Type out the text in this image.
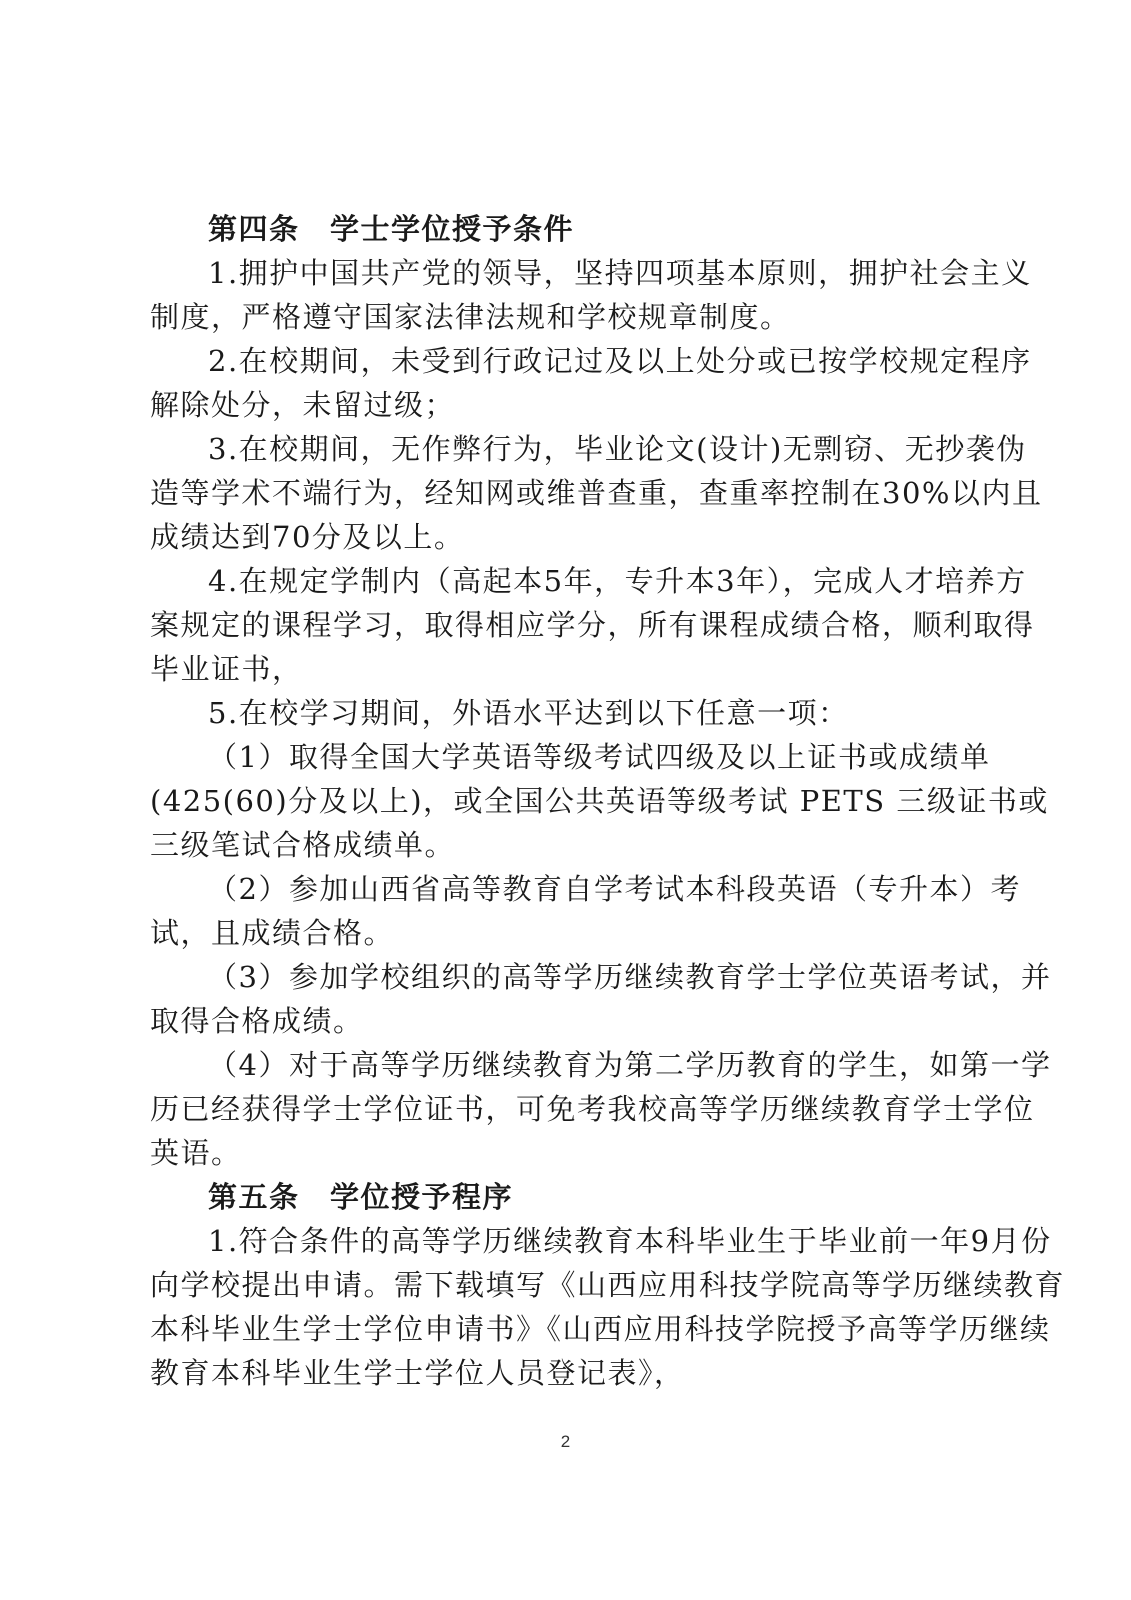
第四条　学士学位授予条件
1.拥护中国共产党的领导，坚持四项基本原则，拥护社会主义
制度，严格遵守国家法律法规和学校规章制度。
2.在校期间，未受到行政记过及以上处分或已按学校规定程序
解除处分，未留过级；
3.在校期间，无作弊行为，毕业论文(设计)无剽窃、无抄袭伪
造等学术不端行为，经知网或维普查重，查重率控制在30%以内且
成绩达到70分及以上。
4.在规定学制内（高起本5年，专升本3年），完成人才培养方
案规定的课程学习，取得相应学分，所有课程成绩合格，顺利取得
毕业证书，
5.在校学习期间，外语水平达到以下任意一项：
（1）取得全国大学英语等级考试四级及以上证书或成绩单
(425(60)分及以上)，或全国公共英语等级考试 PETS 三级证书或
三级笔试合格成绩单。
（2）参加山西省高等教育自学考试本科段英语（专升本）考
试，且成绩合格。
（3）参加学校组织的高等学历继续教育学士学位英语考试，并
取得合格成绩。
（4）对于高等学历继续教育为第二学历教育的学生，如第一学
历已经获得学士学位证书，可免考我校高等学历继续教育学士学位
英语。
第五条　学位授予程序
1.符合条件的高等学历继续教育本科毕业生于毕业前一年9月份
向学校提出申请。需下载填写《山西应用科技学院高等学历继续教育
本科毕业生学士学位申请书》《山西应用科技学院授予高等学历继续
教育本科毕业生学士学位人员登记表》，
2
